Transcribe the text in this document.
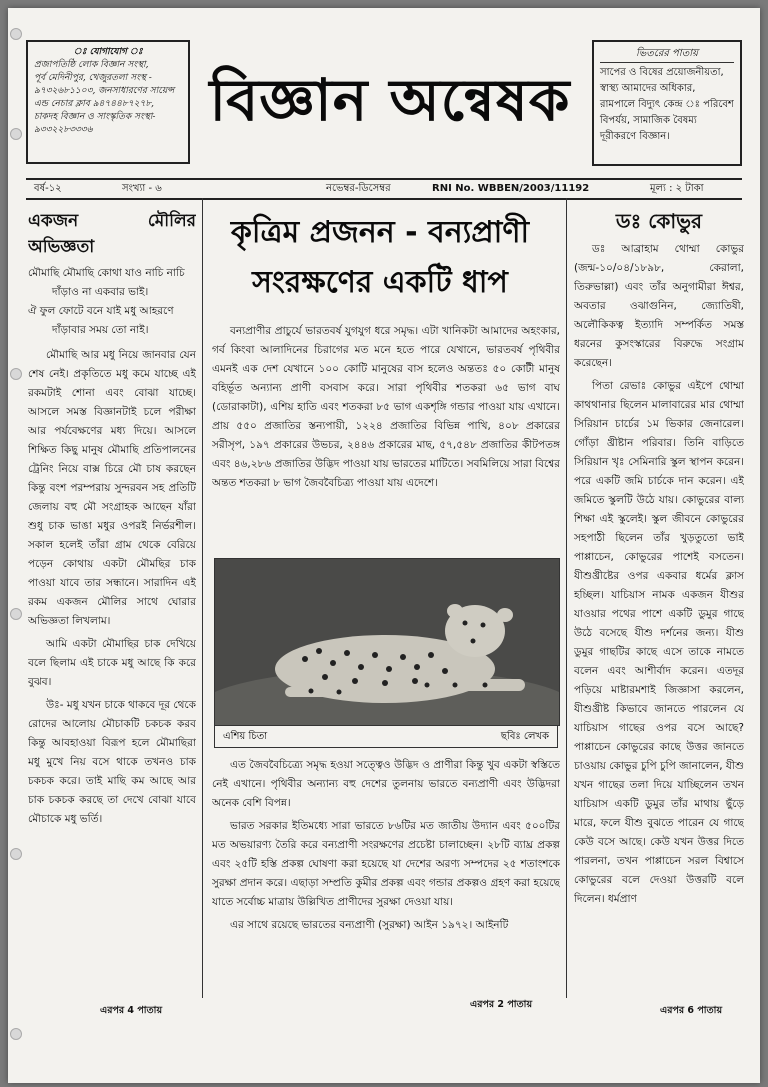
ঃ যোগাযোগ ঃ
প্রজাপতিষ্ঠি লোক বিজ্ঞান সংস্থা,
পূর্ব মেদিনীপুর, খেজুরতলা সংস্থ -
৯৭৩২৬৮১১০৩, জনসাধারণের সায়েন্স
এন্ড নেচার ক্লাব ৯৪৭৪৪৮৭২৭৮,
চাকদহ বিজ্ঞান ও সাংস্কৃতিক সংস্থা-
৯৩৩২২৮৩৩৩৬	বিজ্ঞান অন্বেষক
ভিতরের পাতায়
সাপের ও বিষের প্রয়োজনীয়তা,
স্বাস্থ্য আমাদের অধিকার,
রামপালে বিদ্যুৎ কেন্দ্র ঃ পরিবেশ
বিপর্যয়, সামাজিক বৈষম্য
দূরীকরণে বিজ্ঞান।
বর্ষ-১২	সংখ্যা - ৬	নভেম্বর-ডিসেম্বর	RNI No. WBBEN/2003/11192	মূল্য : ২ টাকা
একজন মৌলির অভিজ্ঞতা
মৌমাছি মৌমাছি কোথা যাও নাচি নাচি
দাঁড়াও না একবার ভাই।
ঐ ফুল ফোটে বনে যাই মধু আহরণে
দাঁড়াবার সময় তো নাই।

মৌমাছি আর মধু নিয়ে জানবার যেন শেষ নেই। প্রকৃতিতে মধু কমে যাচ্ছে এই রকমটাই শোনা এবং বোঝা যাচ্ছে। আসলে সমস্ত বিজ্ঞানটাই চলে পরীক্ষা আর পর্যবেক্ষণের মধ্য দিয়ে। আসলে শিক্ষিত কিছু মানুষ মৌমাছি প্রতিপালনের ট্রেনিং নিয়ে বাক্স চিরে মৌ চাষ করছেন কিন্তু বংশ পরম্পরায় সুন্দরবন সহ প্রতিটি জেলায় বহু মৌ সংগ্রাহক আছেন যাঁরা শুধু চাক ভাঙা মধুর ওপরই নির্ভরশীল। সকাল হলেই তাঁরা গ্রাম থেকে বেরিয়ে পড়েন কোথায় একটা মৌমছির চাক পাওয়া যাবে তার সন্ধানে। সারাদিন এই রকম একজন মৌলির সাথে ঘোরার অভিজ্ঞতা লিখলাম।

আমি একটা মৌমাছির চাক দেখিয়ে বলে ছিলাম এই চাকে মধু আছে কি করে বুঝব।

উঃ- মধু যখন চাকে থাকবে দূর থেকে রোদের আলোয় মৌচাকটি চকচক করব কিন্তু আবহাওয়া বিরূপ হলে মৌমাছিরা মধু মুখে নিয় বসে থাকে তখনও চাক চকচক করে। তাই মাছি কম আছে আর চাক চকচক করছে তা দেখে বোঝা যাবে মৌচাকে মধু ভর্তি।

এরপর 4 পাতায়
কৃত্রিম প্রজনন - বন্যপ্রাণী
সংরক্ষণের একটি ধাপ

বন্যপ্রাণীর প্রাচুর্যে ভারতবর্ষ যুগযুগ ধরে সমৃদ্ধ। এটা খানিকটা আমাদের অহংকার, গর্ব কিংবা আলাদিনের চিরাগের মত মনে হতে পারে যেখানে, ভারতবর্ষ পৃথিবীর এমনই এক দেশ যেখানে ১০০ কোটি মানুষের বাস হলেও অন্ততঃ ৫০ কোটী মানুষ বহির্ভূত অন্যান্য প্রাণী বসবাস করে। সারা পৃথিবীর শতকরা ৬৫ ভাগ বাঘ (ডোরাকাটা), এশিয় হাতি এবং শতকরা ৮৫ ভাগ একশৃঙ্গি গন্ডার পাওয়া যায় এখানে। প্রায় ৫৫০ প্রজাতির স্তন্যপায়ী, ১২২৪ প্রজাতির বিভিন্ন পাখি, ৪০৮ প্রকারের সরীসৃপ, ১৯৭ প্রকারের উভচর, ২৪৪৬ প্রকারের মাছ, ৫৭,৫৪৮ প্রজাতির কীটপতঙ্গ এবং ৪৬,২৮৬ প্রজাতির উদ্ভিদ পাওয়া যায় ভারতের মাটিতে। সবমিলিয়ে সারা বিশ্বের অন্তত শতকরা ৮ ভাগ জৈববৈচিত্র্য পাওয়া যায় এদেশে।

এশিয় চিতা	ছবিঃ লেখক

এত জৈববৈচিত্র্যে সমৃদ্ধ হওয়া সত্ত্বেও উদ্ভিদ ও প্রাণীরা কিন্তু খুব একটা স্বস্তিতে নেই এখানে। পৃথিবীর অন্যান্য বহু দেশের তুলনায় ভারতে বন্যপ্রাণী এবং উদ্ভিদরা অনেক বেশি বিপন্ন।

ভারত সরকার ইতিমধ্যে সারা ভারতে ৮৬টির মত জাতীয় উদ্যান এবং ৫০০টির মত অভয়ারণ্য তৈরি করে বন্যপ্রাণী সংরক্ষণের প্রচেষ্টা চালাচ্ছেন। ২৮টি ব্যাঘ্র প্রকল্প এবং ২৫টি হস্তি প্রকল্প ঘোষণা করা হয়েছে যা দেশের অরণ্য সম্পদের ২৫ শতাংশকে সুরক্ষা প্রদান করে। এছাড়া সম্প্রতি কুমীর প্রকল্প এবং গন্ডার প্রকল্পও গ্রহণ করা হয়েছে যাতে সর্বোচ্চ মাত্রায় উল্লিখিত প্রাণীদের সুরক্ষা দেওয়া যায়।

এর সাথে রয়েছে ভারতের বন্যপ্রাণী (সুরক্ষা) আইন ১৯৭২। আইনটি

এরপর 2 পাতায়
ডঃ কোভুর

ডঃ আব্রাহাম থোম্মা কোভুর (জন্ম-১০/০৪/১৮৯৮, কেরালা, তিরুভাল্লা) এবং তাঁর অনুগামীরা ঈশ্বর, অবতার ওঝাগুনিন, জ্যোতিষী, অলৌকিকত্ব ইত্যাদি সম্পর্কিত সমস্ত ধরনের কুসংস্কারের বিরুদ্ধে সংগ্রাম করেছেন।

পিতা রেভাঃ কোভুর এইপে থোম্মা কাথথানার ছিলেন মালাবারের মার থোম্মা সিরিয়ান চার্চের ১ম ভিকার জেনারেল। গোঁড়া খ্রীষ্টান পরিবার। তিনি বাড়িতে সিরিয়ান খৃঃ সেমিনারি স্কুল স্থাপন করেন। পরে একটি জমি চার্চকে দান করেন। এই জমিতে স্কুলটি উঠে যায়। কোভুরের বাল্য শিক্ষা এই স্কুলেই। স্কুল জীবনে কোভুরের সহপাঠী ছিলেন তাঁর খুড়তুতো ভাই পাপ্পাচেন, কোভুরের পাশেই বসতেন। যীশুখ্রীষ্টের ওপর একবার ধর্মের ক্লাস হচ্ছিল। যাচিয়াস নামক একজন যীশুর যাওয়ার পথের পাশে একটি ডুমুর গাছে উঠে বসেছে যীশু দর্শনের জন্য। যীশু ডুমুর গাছটির কাছে এসে তাকে নামতে বলেন এবং আশীর্বাদ করেন। এতদূর পড়িয়ে মাষ্টারমশাই জিজ্ঞাসা করলেন, যীশুখ্রীষ্ট কিভাবে জানতে পারলেন যে যাচিয়াস গাছের ওপর বসে আছে? পাপ্পাচেন কোভুরের কাছে উত্তর জানতে চাওয়ায় কোভুর চুপি চুপি জানালেন, যীশু যখন গাছের তলা দিয়ে যাচ্ছিলেন তখন যাচিয়াস একটি ডুমুর তাঁর মাথায় ছুঁড়ে মারে, ফলে যীশু বুঝতে পারেন যে গাছে কেউ বসে আছে। কেউ যখন উত্তর দিতে পারলনা, তখন পাপ্পাচেন সরল বিশ্বাসে কোভুরের বলে দেওয়া উত্তরটি বলে দিলেন। ধর্মপ্রাণ

এরপর 6 পাতায়
